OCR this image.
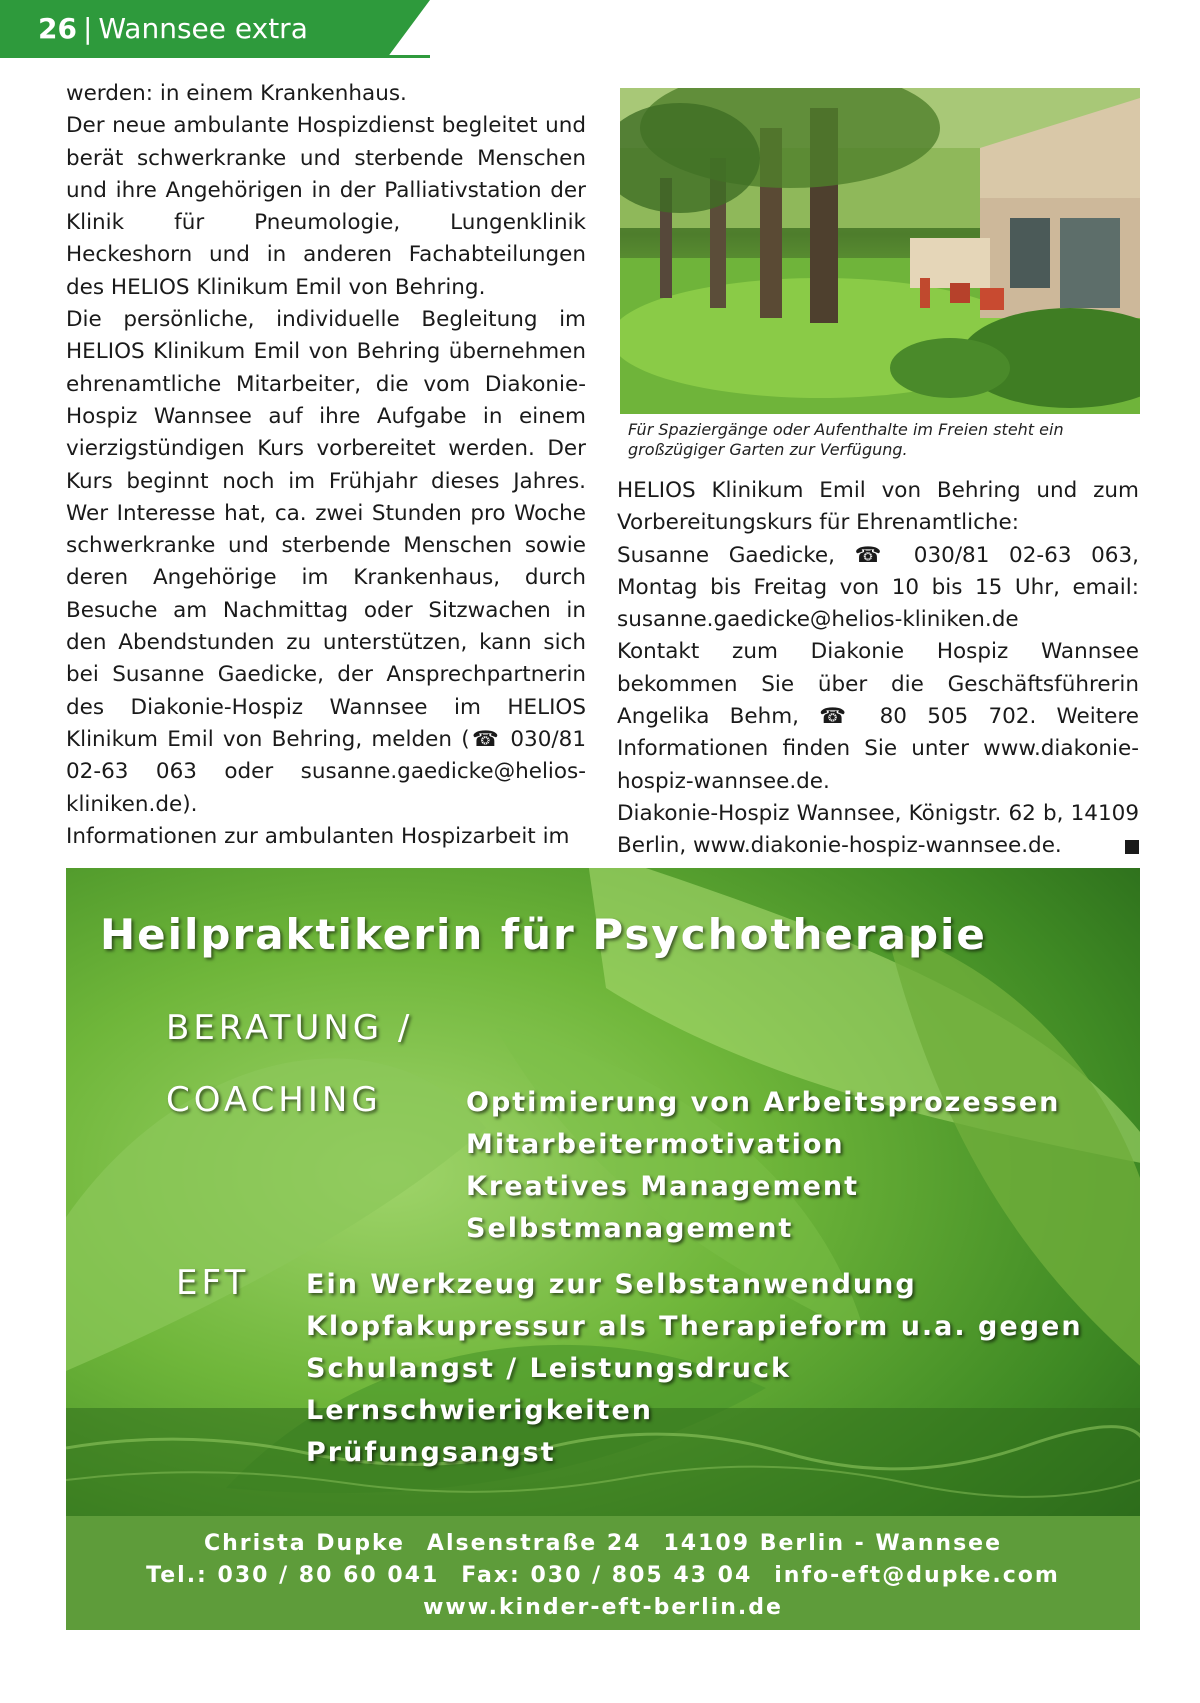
26 | Wannsee extra

werden: in einem Krankenhaus.

Der neue ambulante Hospizdienst begleitet und berät schwerkranke und sterbende Menschen und ihre Angehörigen in der Palliativstation der Klinik für Pneumologie, Lungenklinik Heckeshorn und in anderen Fachabteilungen des HELIOS Klinikum Emil von Behring.

Die persönliche, individuelle Begleitung im HELIOS Klinikum Emil von Behring übernehmen ehrenamtliche Mitarbeiter, die vom Diakonie-Hospiz Wannsee auf ihre Aufgabe in einem vierzigstündigen Kurs vorbereitet werden. Der Kurs beginnt noch im Frühjahr dieses Jahres. Wer Interesse hat, ca. zwei Stunden pro Woche schwerkranke und sterbende Menschen sowie deren Angehörige im Krankenhaus, durch Besuche am Nachmittag oder Sitzwachen in den Abendstunden zu unterstützen, kann sich bei Susanne Gaedicke, der Ansprechpartnerin des Diakonie-Hospiz Wannsee im HELIOS Klinikum Emil von Behring, melden (☎ 030/81 02-63 063 oder susanne.gaedicke@helios-kliniken.de).

Informationen zur ambulanten Hospizarbeit im

Für Spaziergänge oder Aufenthalte im Freien steht ein großzügiger Garten zur Verfügung.

HELIOS Klinikum Emil von Behring und zum Vorbereitungskurs für Ehrenamtliche:

Susanne Gaedicke, ☎ 030/81 02-63 063, Montag bis Freitag von 10 bis 15 Uhr, email: susanne.gaedicke@helios-kliniken.de

Kontakt zum Diakonie Hospiz Wannsee bekommen Sie über die Geschäftsführerin Angelika Behm, ☎ 80 505 702. Weitere Informationen finden Sie unter www.diakonie-hospiz-wannsee.de.

Diakonie-Hospiz Wannsee, Königstr. 62 b, 14109 Berlin, www.diakonie-hospiz-wannsee.de.

Heilpraktikerin für Psychotherapie
BERATUNG /
COACHING	Optimierung von Arbeitsprozessen
Mitarbeitermotivation
Kreatives Management
Selbstmanagement
EFT Ein Werkzeug zur Selbstanwendung
Klopfakupressur als Therapieform u.a. gegen
Schulangst / Leistungsdruck
Lernschwierigkeiten
Prüfungsangst
Christa Dupke Alsenstraße 24 14109 Berlin - Wannsee
Tel.: 030 / 80 60 041 Fax: 030 / 805 43 04 info-eft@dupke.com
www.kinder-eft-berlin.de
